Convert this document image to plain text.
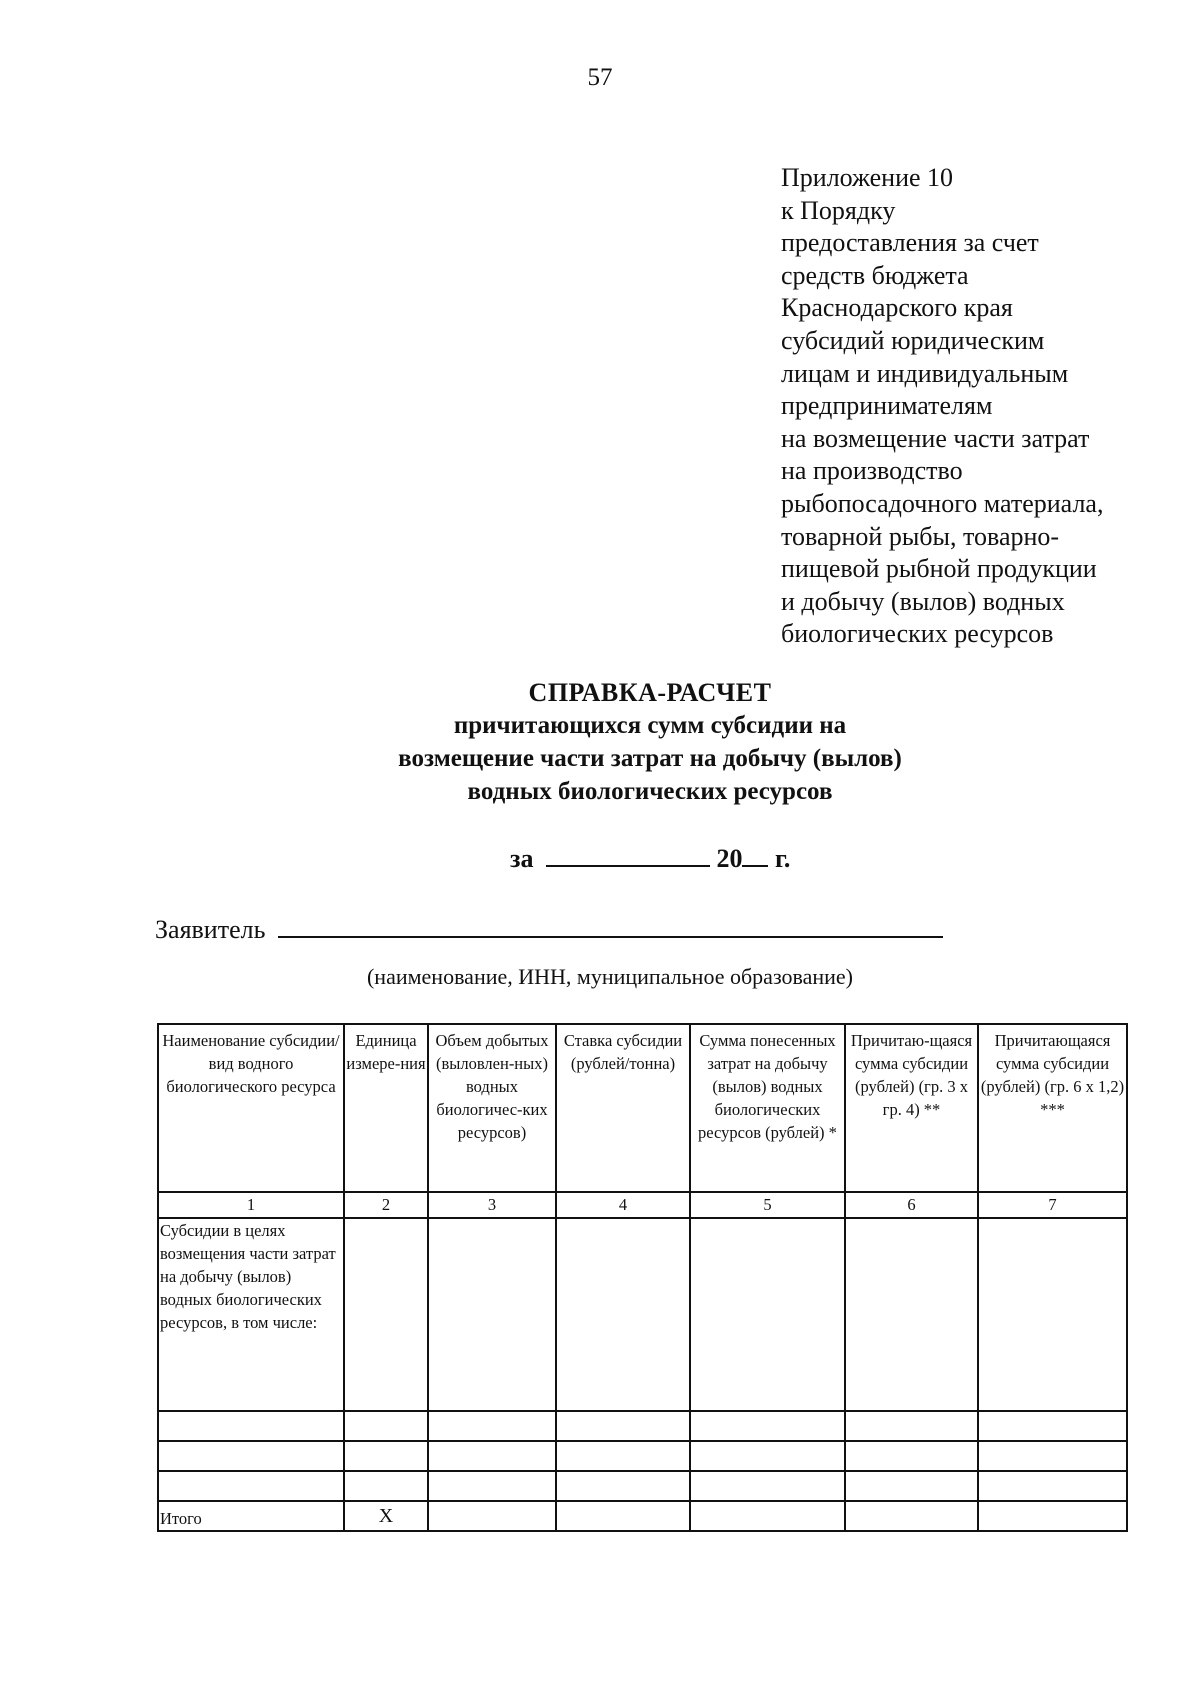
57
Приложение 10
к Порядку
предоставления за счет
средств бюджета
Краснодарского края
субсидий юридическим
лицам и индивидуальным
предпринимателям
на возмещение части затрат
на производство
рыбопосадочного материала,
товарной рыбы, товарно-
пищевой рыбной продукции
и добычу (вылов) водных
биологических ресурсов
СПРАВКА-РАСЧЕТ
причитающихся сумм субсидии на
возмещение части затрат на добычу (вылов)
водных биологических ресурсов
за	20 г.
Заявитель
(наименование, ИНН, муниципальное образование)
Наименование субсидии/вид водного биологического ресурса	Единица измере-ния	Объем добытых (выловлен-ных) водных биологичес-ких ресурсов)	Ставка субсидии (рублей/тонна)	Сумма понесенных затрат на добычу (вылов) водных биологических ресурсов (рублей) *	Причитаю-щаяся сумма субсидии (рублей) (гр. 3 х гр. 4) **	Причитающаяся сумма субсидии (рублей) (гр. 6 х 1,2) ***
1	2	3	4	5	6	7
Субсидии в целях возмещения части затрат на добычу (вылов) водных биологических ресурсов, в том числе:						

Итого	Х					
